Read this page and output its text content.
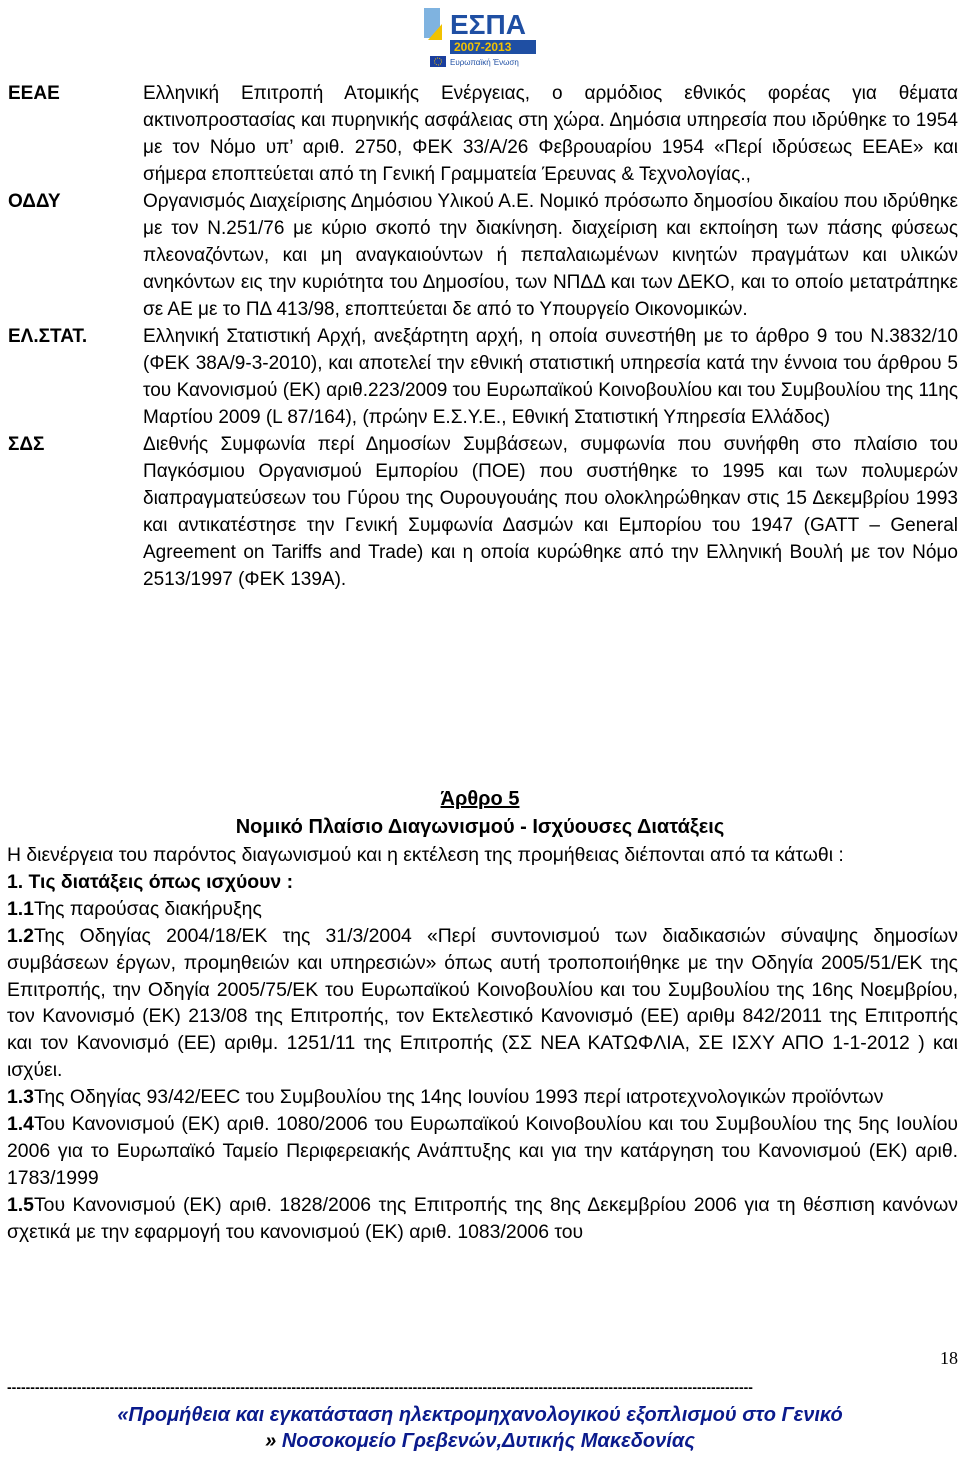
ΕΣΠΑ
2007-2013
Ευρωπαϊκή Ένωση
ΕΕΑΕ	Ελληνική Επιτροπή Ατομικής Ενέργειας, ο αρμόδιος εθνικός φορέας για θέματα ακτινοπροστασίας και πυρηνικής ασφάλειας στη χώρα. Δημόσια υπηρεσία που ιδρύθηκε το 1954 με τον Νόμο υπ’ αριθ. 2750, ΦΕΚ 33/Α/26 Φεβρουαρίου 1954 «Περί ιδρύσεως ΕΕΑΕ» και σήμερα εποπτεύεται από τη Γενική Γραμματεία Έρευνας & Τεχνολογίας.,
ΟΔΔΥ	Οργανισμός Διαχείρισης Δημόσιου Υλικού Α.Ε. Νομικό πρόσωπο δημοσίου δικαίου που ιδρύθηκε με τον Ν.251/76 με κύριο σκοπό την διακίνηση. διαχείριση και εκποίηση των πάσης φύσεως πλεοναζόντων, και μη αναγκαιούντων ή πεπαλαιωμένων κινητών πραγμάτων και υλικών ανηκόντων εις την κυριότητα του Δημοσίου, των ΝΠΔΔ και των ΔΕΚΟ, και το οποίο μετατράπηκε σε ΑΕ με το ΠΔ 413/98, εποπτεύεται δε από το Υπουργείο Οικονομικών.
ΕΛ.ΣΤΑΤ.	Ελληνική Στατιστική Αρχή, ανεξάρτητη αρχή, η οποία συνεστήθη με το άρθρο 9 του Ν.3832/10 (ΦΕΚ 38Α/9-3-2010), και αποτελεί την εθνική στατιστική υπηρεσία κατά την έννοια του άρθρου 5 του Κανονισμού (ΕΚ) αριθ.223/2009 του Ευρωπαϊκού Κοινοβουλίου και του Συμβουλίου της 11ης Μαρτίου 2009 (L 87/164), (πρώην Ε.Σ.Υ.Ε., Εθνική Στατιστική Υπηρεσία Ελλάδος)
ΣΔΣ	Διεθνής Συμφωνία περί Δημοσίων Συμβάσεων, συμφωνία που συνήφθη στο πλαίσιο του Παγκόσμιου Οργανισμού Εμπορίου (ΠΟΕ) που συστήθηκε το 1995 και των πολυμερών διαπραγματεύσεων του Γύρου της Ουρουγουάης που ολοκληρώθηκαν στις 15 Δεκεμβρίου 1993 και αντικατέστησε την Γενική Συμφωνία Δασμών και Εμπορίου του 1947 (GATT – General Agreement on Tariffs and Trade) και η οποία κυρώθηκε από την Ελληνική Βουλή με τον Νόμο 2513/1997 (ΦΕΚ 139Α).
Άρθρο 5
Νομικό Πλαίσιο Διαγωνισμού - Ισχύουσες Διατάξεις

Η διενέργεια του παρόντος διαγωνισμού και η εκτέλεση της προμήθειας διέπονται από τα κάτωθι :

1. Τις διατάξεις όπως ισχύουν :

1.1Της παρούσας διακήρυξης

1.2Της Οδηγίας 2004/18/ΕΚ της 31/3/2004 «Περί συντονισμού των διαδικασιών σύναψης δημοσίων συμβάσεων έργων, προμηθειών και υπηρεσιών» όπως αυτή τροποποιήθηκε με την Οδηγία 2005/51/ΕΚ της Επιτροπής, την Οδηγία 2005/75/ΕΚ του Ευρωπαϊκού Κοινοβουλίου και του Συμβουλίου της 16ης Νοεμβρίου, τον Κανονισμό (ΕΚ) 213/08 της Επιτροπής, τον Εκτελεστικό Κανονισμό (ΕΕ) αριθμ 842/2011 της Επιτροπής και τον Κανονισμό (ΕΕ) αριθμ. 1251/11 της Επιτροπής (ΣΣ ΝΕΑ ΚΑΤΩΦΛΙΑ, ΣΕ ΙΣΧΥ ΑΠΟ 1-1-2012 ) και ισχύει.

1.3Της Οδηγίας 93/42/ΕΕC του Συμβουλίου της 14ης Ιουνίου 1993 περί ιατροτεχνολογικών προϊόντων

1.4Του Κανονισμού (ΕΚ) αριθ. 1080/2006 του Ευρωπαϊκού Κοινοβουλίου και του Συμβουλίου της 5ης Ιουλίου 2006 για το Ευρωπαϊκό Ταμείο Περιφερειακής Ανάπτυξης και για την κατάργηση του Κανονισμού (ΕΚ) αριθ. 1783/1999

1.5Του Κανονισμού (ΕΚ) αριθ. 1828/2006 της Επιτροπής της 8ης Δεκεμβρίου 2006 για τη θέσπιση κανόνων σχετικά με την εφαρμογή του κανονισμού (ΕΚ) αριθ. 1083/2006 του

18
----------------------------------------------------------------------------------------------------------------------------------------------------------------
«Προμήθεια και εγκατάσταση ηλεκτρομηχανολογικού εξοπλισμού στο Γενικό
» Νοσοκομείο Γρεβενών,Δυτικής Μακεδονίας
